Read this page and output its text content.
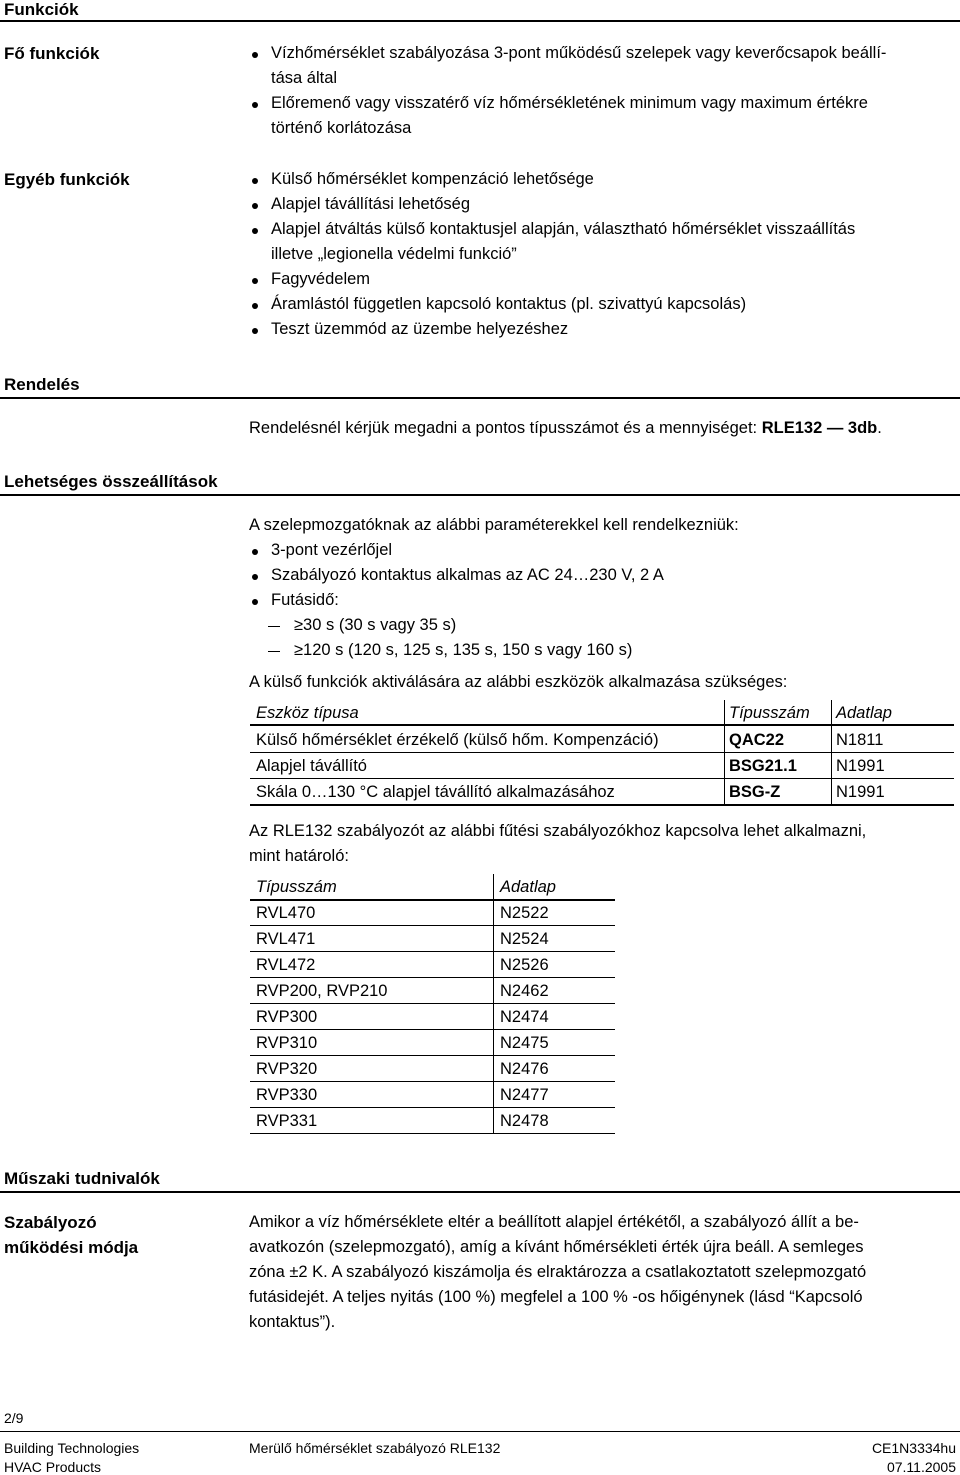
Funkciók
Fő funkciók	Vízhőmérséklet szabályozása 3-pont működésű szelepek vagy keverőcsapok beállí-
tása által
Előremenő vagy visszatérő víz hőmérsékletének minimum vagy maximum értékre
történő korlátozása
Egyéb funkciók	Külső hőmérséklet kompenzáció lehetősége
Alapjel távállítási lehetőség
Alapjel átváltás külső kontaktusjel alapján, választható hőmérséklet visszaállítás
illetve „legionella védelmi funkció”
Fagyvédelem
Áramlástól független kapcsoló kontaktus (pl. szivattyú kapcsolás)
Teszt üzemmód az üzembe helyezéshez
Rendelés
Rendelésnél kérjük megadni a pontos típusszámot és a mennyiséget: RLE132 — 3db.
Lehetséges összeállítások
A szelepmozgatóknak az alábbi paraméterekkel kell rendelkezniük:
3-pont vezérlőjel
Szabályozó kontaktus alkalmas az AC 24…230 V, 2 A
Futásidő:
≥30 s (30 s vagy 35 s)
≥120 s (120 s, 125 s, 135 s, 150 s vagy 160 s)
A külső funkciók aktiválására az alábbi eszközök alkalmazása szükséges:
Eszköz típusa	Típusszám Adatlap
Külső hőmérséklet érzékelő (külső hőm. Kompenzáció)	QAC22	N1811
Alapjel távállító	BSG21.1 N1991
Skála 0…130 °C alapjel távállító alkalmazásához	BSG-Z	N1991
Az RLE132 szabályozót az alábbi fűtési szabályozókhoz kapcsolva lehet alkalmazni,
mint határoló:
Típusszám	Adatlap
RVL470	N2522
RVL471	N2524
RVL472	N2526
RVP200, RVP210	N2462
RVP300	N2474
RVP310	N2475
RVP320	N2476
RVP330	N2477
RVP331	N2478
Műszaki tudnivalók
Szabályozó
működési módja
Amikor a víz hőmérséklete eltér a beállított alapjel értékétől, a szabályozó állít a be-
avatkozón (szelepmozgató), amíg a kívánt hőmérsékleti érték újra beáll. A semleges
zóna ±2 K. A szabályozó kiszámolja és elraktározza a csatlakoztatott szelepmozgató
futásidejét. A teljes nyitás (100 %) megfelel a 100 % -os hőigénynek (lásd “Kapcsoló
kontaktus”).
2/9
Building Technologies
HVAC Products
Merülő hőmérséklet szabályozó RLE132	CE1N3334hu
07.11.2005
